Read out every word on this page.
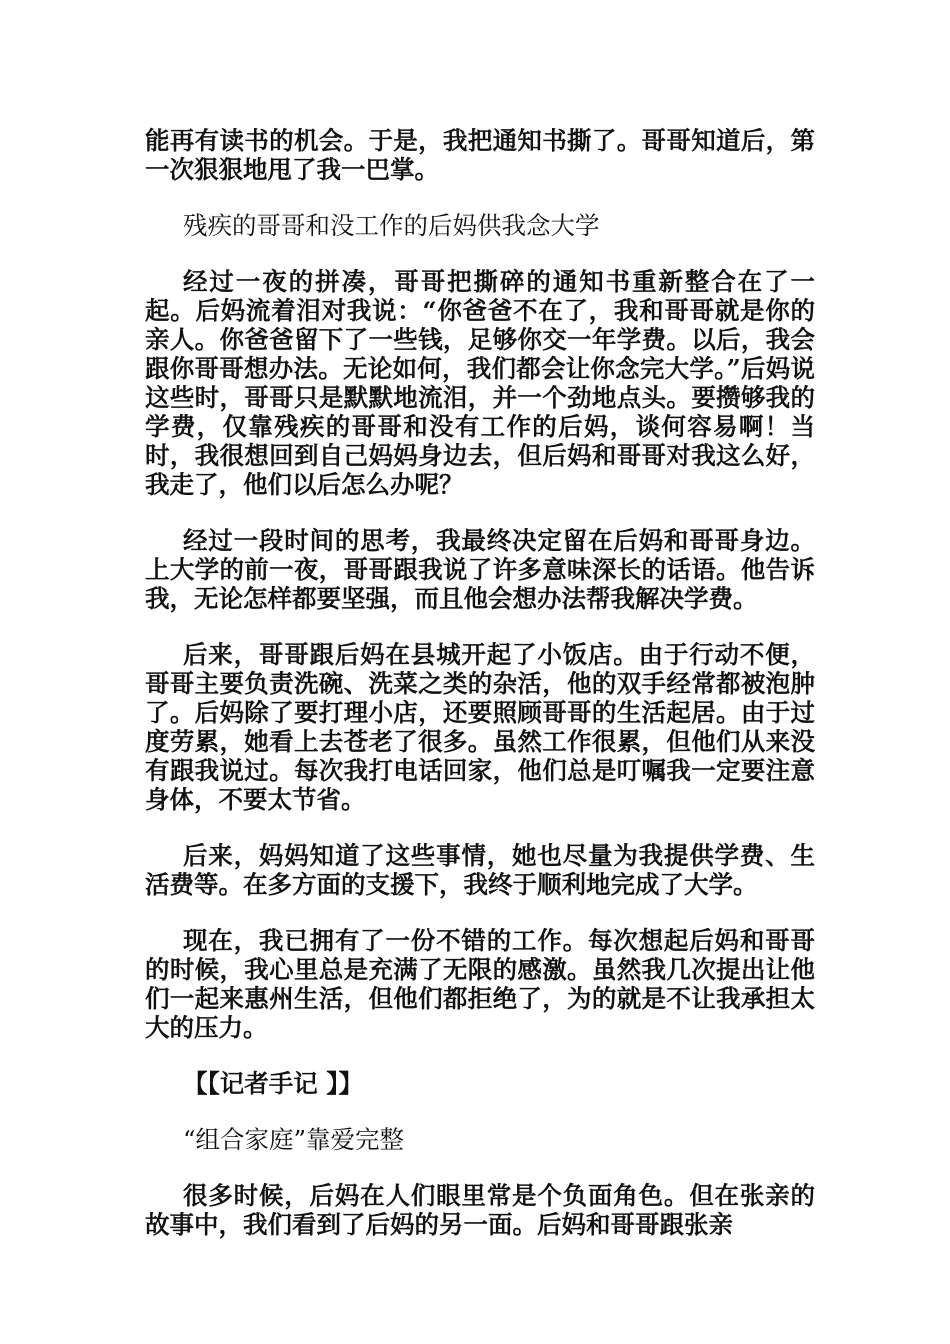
能再有读书的机会。于是，我把通知书撕了。哥哥知道后，第一次狠狠地甩了我一巴掌。

残疾的哥哥和没工作的后妈供我念大学

经过一夜的拼凑，哥哥把撕碎的通知书重新整合在了一起。后妈流着泪对我说：“你爸爸不在了，我和哥哥就是你的亲人。你爸爸留下了一些钱，足够你交一年学费。以后，我会跟你哥哥想办法。无论如何，我们都会让你念完大学。”后妈说这些时，哥哥只是默默地流泪，并一个劲地点头。要攒够我的学费，仅靠残疾的哥哥和没有工作的后妈，谈何容易啊！当时，我很想回到自己妈妈身边去，但后妈和哥哥对我这么好，我走了，他们以后怎么办呢？

经过一段时间的思考，我最终决定留在后妈和哥哥身边。上大学的前一夜，哥哥跟我说了许多意味深长的话语。他告诉我，无论怎样都要坚强，而且他会想办法帮我解决学费。

后来，哥哥跟后妈在县城开起了小饭店。由于行动不便，哥哥主要负责洗碗、洗菜之类的杂活，他的双手经常都被泡肿了。后妈除了要打理小店，还要照顾哥哥的生活起居。由于过度劳累，她看上去苍老了很多。虽然工作很累，但他们从来没有跟我说过。每次我打电话回家，他们总是叮嘱我一定要注意身体，不要太节省。

后来，妈妈知道了这些事情，她也尽量为我提供学费、生活费等。在多方面的支援下，我终于顺利地完成了大学。

现在，我已拥有了一份不错的工作。每次想起后妈和哥哥的时候，我心里总是充满了无限的感激。虽然我几次提出让他们一起来惠州生活，但他们都拒绝了，为的就是不让我承担太大的压力。

【【记者手记 】】

“组合家庭”靠爱完整

很多时候，后妈在人们眼里常是个负面角色。但在张亲的故事中，我们看到了后妈的另一面。后妈和哥哥跟张亲
